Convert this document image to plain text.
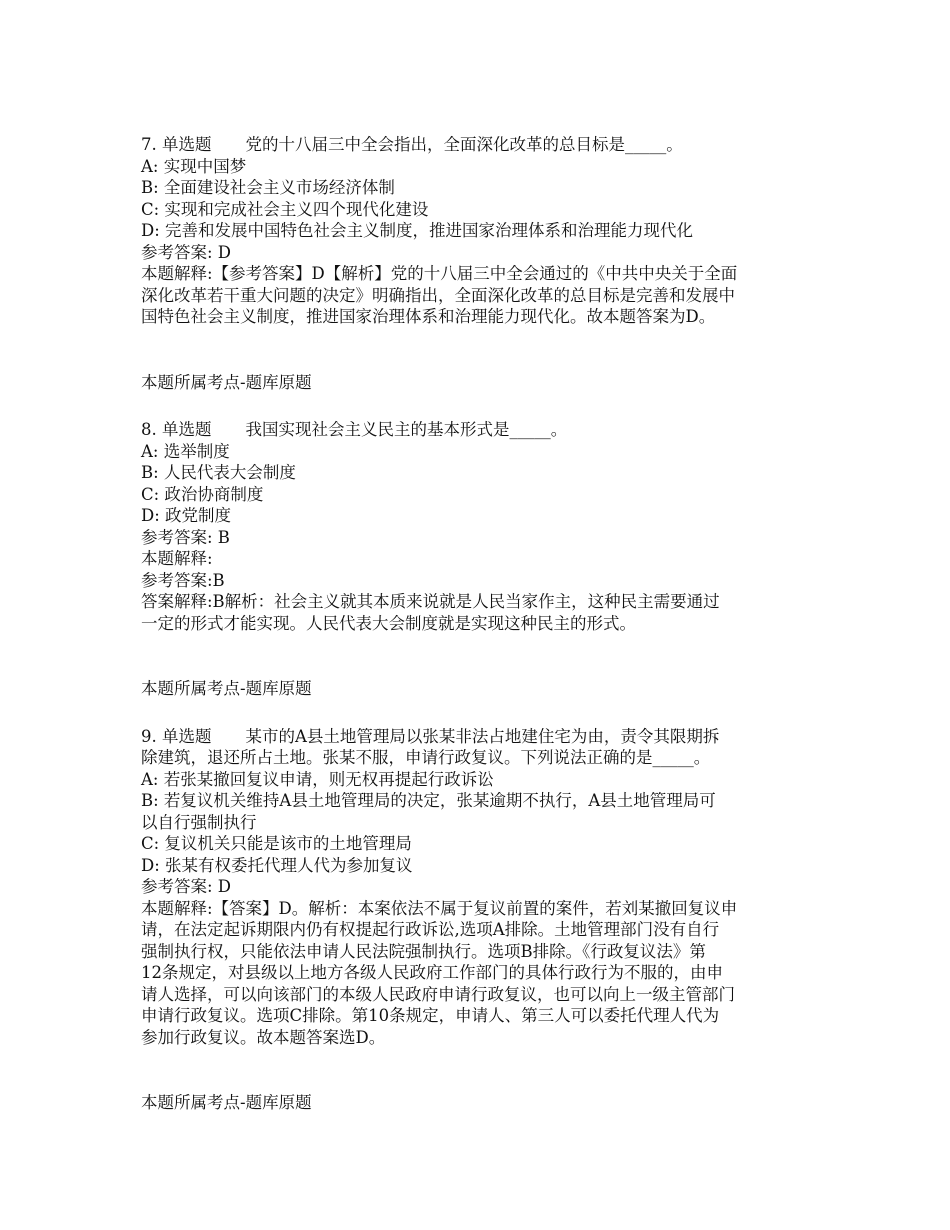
7. 单选题 党的十八届三中全会指出，全面深化改革的总目标是_____。

A: 实现中国梦

B: 全面建设社会主义市场经济体制

C: 实现和完成社会主义四个现代化建设

D: 完善和发展中国特色社会主义制度，推进国家治理体系和治理能力现代化

参考答案: D

本题解释:【参考答案】D【解析】党的十八届三中全会通过的《中共中央关于全面

深化改革若干重大问题的决定》明确指出，全面深化改革的总目标是完善和发展中

国特色社会主义制度，推进国家治理体系和治理能力现代化。故本题答案为D。

本题所属考点-题库原题

8. 单选题 我国实现社会主义民主的基本形式是_____。

A: 选举制度

B: 人民代表大会制度

C: 政治协商制度

D: 政党制度

参考答案: B

本题解释:

参考答案:B

答案解释:B解析：社会主义就其本质来说就是人民当家作主，这种民主需要通过

一定的形式才能实现。人民代表大会制度就是实现这种民主的形式。

本题所属考点-题库原题

9. 单选题 某市的A县土地管理局以张某非法占地建住宅为由，责令其限期拆

除建筑，退还所占土地。张某不服，申请行政复议。下列说法正确的是_____。

A: 若张某撤回复议申请，则无权再提起行政诉讼

B: 若复议机关维持A县土地管理局的决定，张某逾期不执行，A县土地管理局可

以自行强制执行

C: 复议机关只能是该市的土地管理局

D: 张某有权委托代理人代为参加复议

参考答案: D

本题解释:【答案】D。解析：本案依法不属于复议前置的案件，若刘某撤回复议申

请，在法定起诉期限内仍有权提起行政诉讼,选项A排除。土地管理部门没有自行

强制执行权，只能依法申请人民法院强制执行。选项B排除。《行政复议法》第

12条规定，对县级以上地方各级人民政府工作部门的具体行政行为不服的，由申

请人选择，可以向该部门的本级人民政府申请行政复议，也可以向上一级主管部门

申请行政复议。选项C排除。第10条规定，申请人、第三人可以委托代理人代为

参加行政复议。故本题答案选D。

本题所属考点-题库原题
